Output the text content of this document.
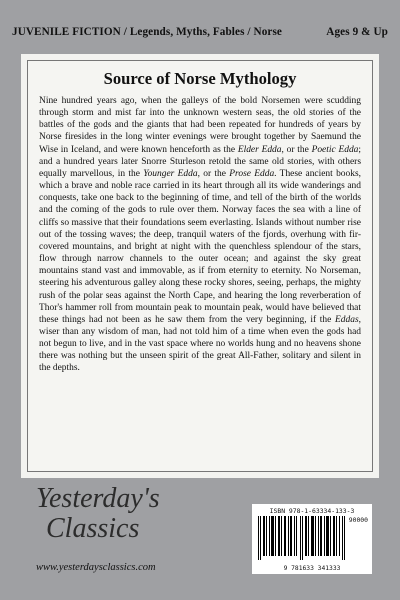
JUVENILE FICTION / Legends, Myths, Fables / Norse	Ages 9 & Up
Source of Norse Mythology

Nine hundred years ago, when the galleys of the bold Norsemen were scudding through storm and mist far into the unknown western seas, the old stories of the battles of the gods and the giants that had been repeated for hundreds of years by Norse firesides in the long winter evenings were brought together by Saemund the Wise in Iceland, and were known henceforth as the Elder Edda, or the Poetic Edda; and a hundred years later Snorre Sturleson retold the same old stories, with others equally marvellous, in the Younger Edda, or the Prose Edda. These ancient books, which a brave and noble race carried in its heart through all its wide wanderings and conquests, take one back to the beginning of time, and tell of the birth of the worlds and the coming of the gods to rule over them. Norway faces the sea with a line of cliffs so massive that their foundations seem everlasting. Islands without number rise out of the tossing waves; the deep, tranquil waters of the fjords, overhung with fir-covered mountains, and bright at night with the quenchless splendour of the stars, flow through narrow channels to the outer ocean; and against the sky great mountains stand vast and immovable, as if from eternity to eternity. No Norseman, steering his adventurous galley along these rocky shores, seeing, perhaps, the mighty rush of the polar seas against the North Cape, and hearing the long reverberation of Thor's hammer roll from mountain peak to mountain peak, would have believed that these things had not been as he saw them from the very beginning, if the Eddas, wiser than any wisdom of man, had not told him of a time when even the gods had not begun to live, and in the vast space where no worlds hung and no heavens shone there was nothing but the unseen spirit of the great All-Father, solitary and silent in the depths.

Yesterday's
Classics
www.yesterdaysclassics.com
ISBN 978-1-63334-133-3
90000
9 781633 341333
